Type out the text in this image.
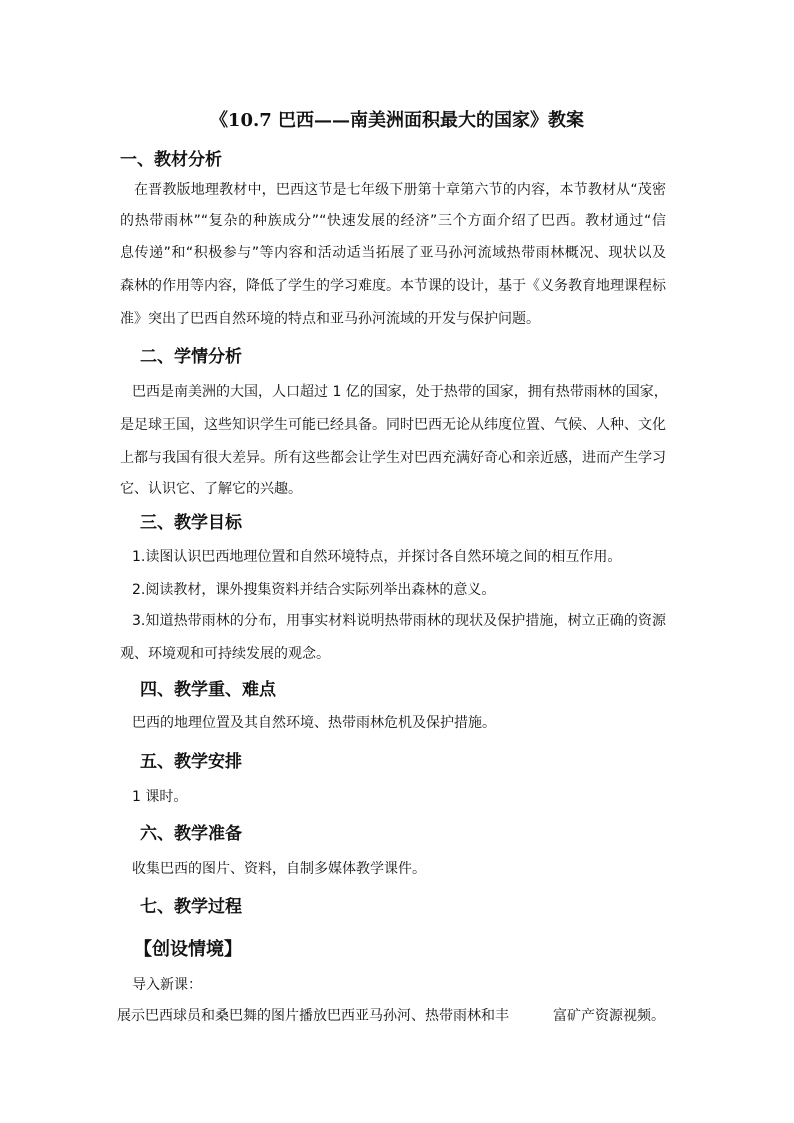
《10.7 巴西——南美洲面积最大的国家》教案
一、教材分析
在晋教版地理教材中，巴西这节是七年级下册第十章第六节的内容，本节教材从“茂密
的热带雨林”“复杂的种族成分”“快速发展的经济”三个方面介绍了巴西。教材通过“信
息传递”和“积极参与”等内容和活动适当拓展了亚马孙河流域热带雨林概况、现状以及
森林的作用等内容，降低了学生的学习难度。本节课的设计，基于《义务教育地理课程标
准》突出了巴西自然环境的特点和亚马孙河流域的开发与保护问题。
二、学情分析
巴西是南美洲的大国，人口超过 1 亿的国家，处于热带的国家，拥有热带雨林的国家，
是足球王国，这些知识学生可能已经具备。同时巴西无论从纬度位置、气候、人种、文化
上都与我国有很大差异。所有这些都会让学生对巴西充满好奇心和亲近感，进而产生学习
它、认识它、了解它的兴趣。
三、教学目标
1.读图认识巴西地理位置和自然环境特点，并探讨各自然环境之间的相互作用。
2.阅读教材，课外搜集资料并结合实际列举出森林的意义。
3.知道热带雨林的分布，用事实材料说明热带雨林的现状及保护措施，树立正确的资源
观、环境观和可持续发展的观念。
四、教学重、难点
巴西的地理位置及其自然环境、热带雨林危机及保护措施。
五、教学安排
1 课时。
六、教学准备
收集巴西的图片、资料，自制多媒体教学课件。
七、教学过程
【创设情境】
导入新课：
展示巴西球员和桑巴舞的图片播放巴西亚马孙河、热带雨林和丰	富矿产资源视频。
